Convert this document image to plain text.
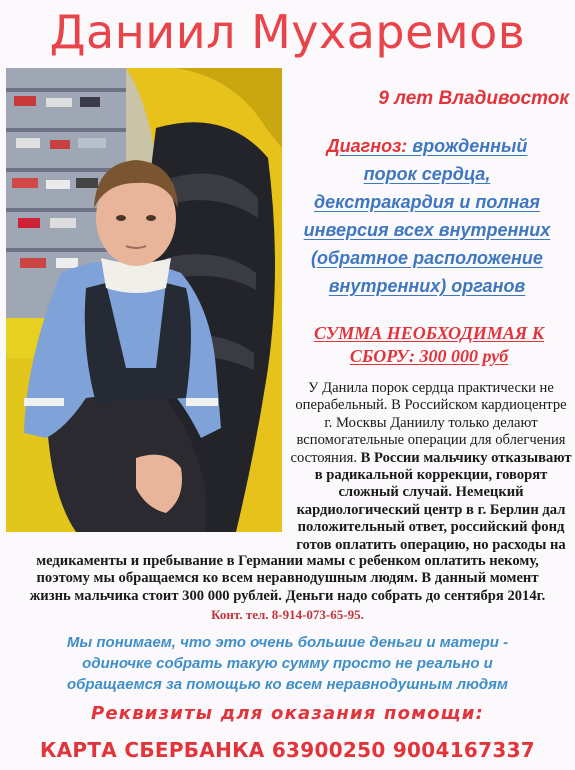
Даниил Мухаремов
9 лет Владивосток
Диагноз: врожденный
порок сердца,
декстракардия и полная
инверсия всех внутренних
(обратное расположение
внутренних) органов
СУММА НЕОБХОДИМАЯ К
СБОРУ: 300 000 руб
У Данила порок сердца практически не
операбельный. В Российском кардиоцентре
г. Москвы Даниилу только делают
вспомогательные операции для облегчения
состояния. В России мальчику отказывают
в радикальной коррекции, говорят
сложный случай. Немецкий
кардиологический центр в г. Берлин дал
положительный ответ, российский фонд
готов оплатить операцию, но расходы на
медикаменты и пребывание в Германии мамы с ребенком оплатить некому,
поэтому мы обращаемся ко всем неравнодушным людям. В данный момент
жизнь мальчика стоит 300 000 рублей. Деньги надо собрать до сентября 2014г.
Конт. тел. 8-914-073-65-95.
Мы понимаем, что это очень большие деньги и матери -
одиночке собрать такую сумму просто не реально и
обращаемся за помощью ко всем неравнодушным людям
Реквизиты для оказания помощи:
КАРТА СБЕРБАНКА 63900250 9004167337
